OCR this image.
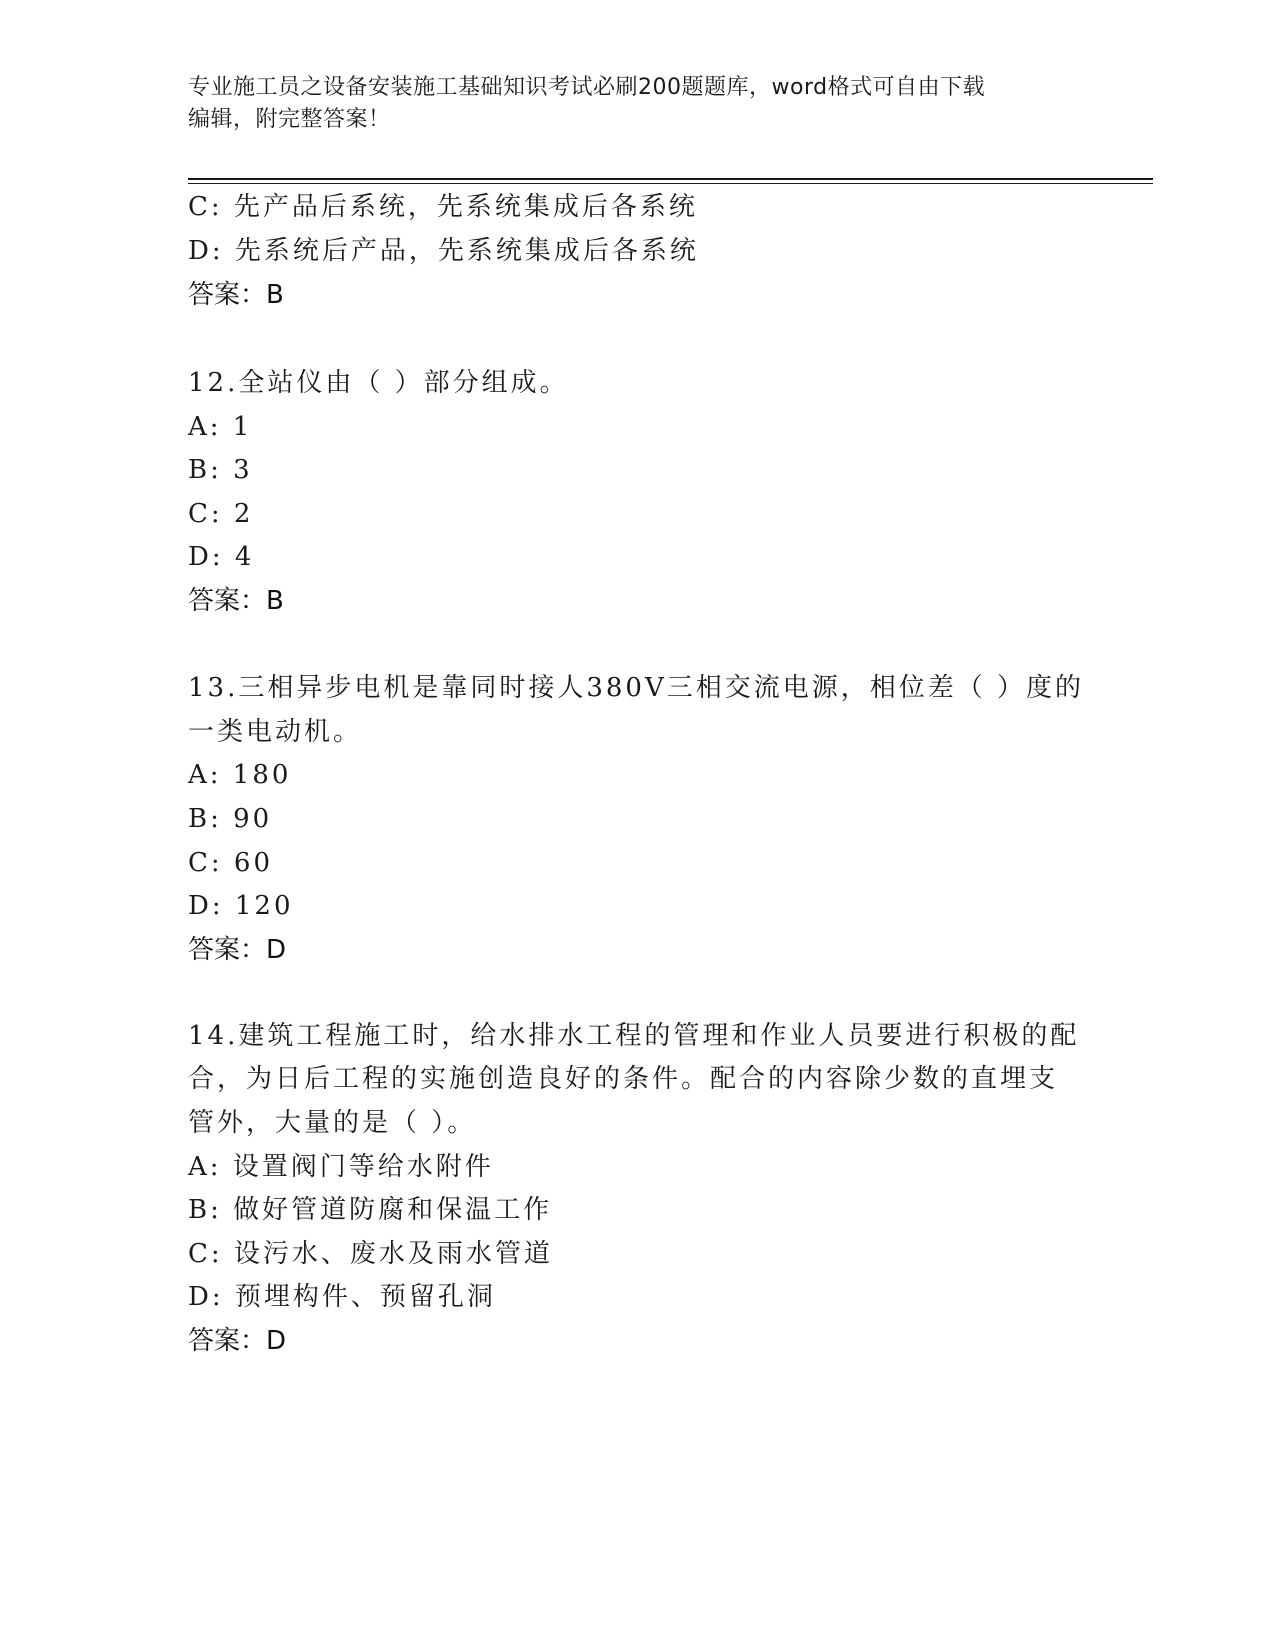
专业施工员之设备安装施工基础知识考试必刷200题题库，word格式可自由下载
编辑，附完整答案！
C: 先产品后系统，先系统集成后各系统
D: 先系统后产品，先系统集成后各系统
答案：B
12.全站仪由（ ）部分组成。
A: 1
B: 3
C: 2
D: 4
答案：B
13.三相异步电机是靠同时接人380V三相交流电源，相位差（ ）度的
一类电动机。
A: 180
B: 90
C: 60
D: 120
答案：D
14.建筑工程施工时，给水排水工程的管理和作业人员要进行积极的配
合，为日后工程的实施创造良好的条件。配合的内容除少数的直埋支
管外，大量的是（ ）。
A: 设置阀门等给水附件
B: 做好管道防腐和保温工作
C: 设污水、废水及雨水管道
D: 预埋构件、预留孔洞
答案：D
